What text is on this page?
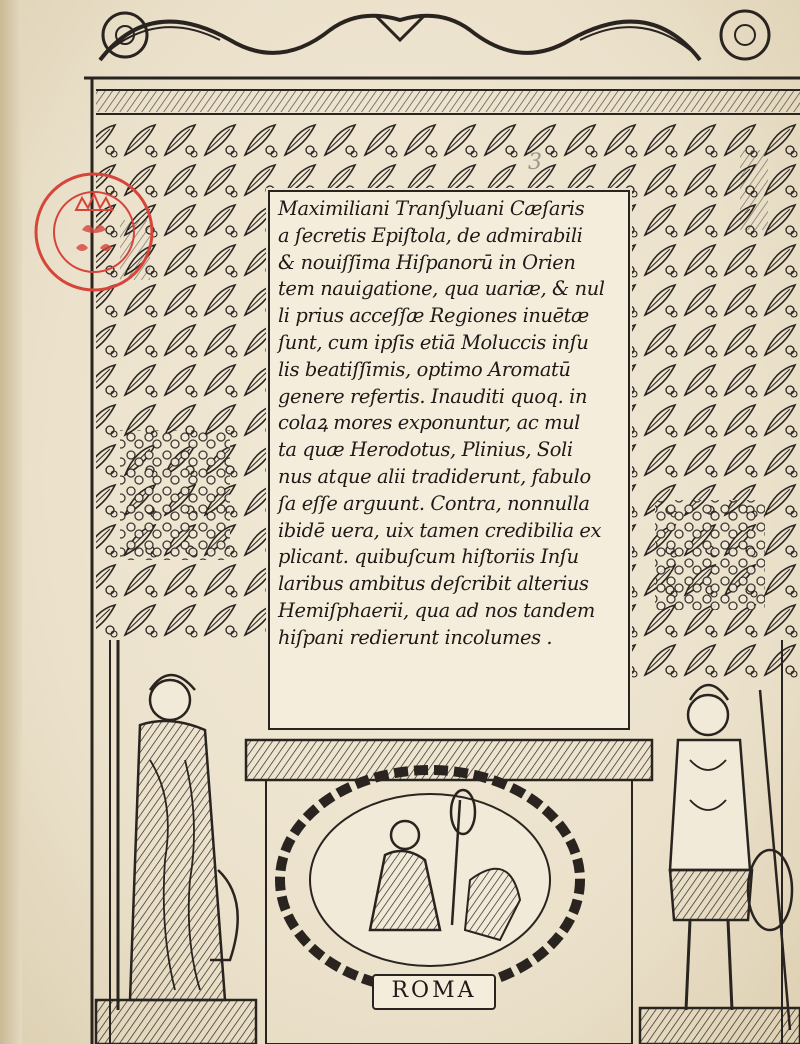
Maximiliani Tranſyluani Cæſaris
a ſecretis Epiſtola, de admirabili
& nouiſſima Hiſpanorū in Orien
tem nauigatione, qua uariæ, & nul
li prius acceſſæ Regiones inuētæ
ſunt, cum ipſis etiā Moluccis inſu
lis beatiſſimis, optimo Aromatū
genere refertis. Inauditi quoq. in
colaꝝ mores exponuntur, ac mul
ta quæ Herodotus, Plinius, Soli
nus atque alii tradiderunt, fabulo
ſa eſſe arguunt. Contra, nonnulla
ibidē uera, uix tamen credibilia ex
plicant. quibuſcum hiſtoriis Inſu
laribus ambitus deſcribit alterius
Hemiſphaerii, qua ad nos tandem
hiſpani redierunt incolumes .
3
ROMA
